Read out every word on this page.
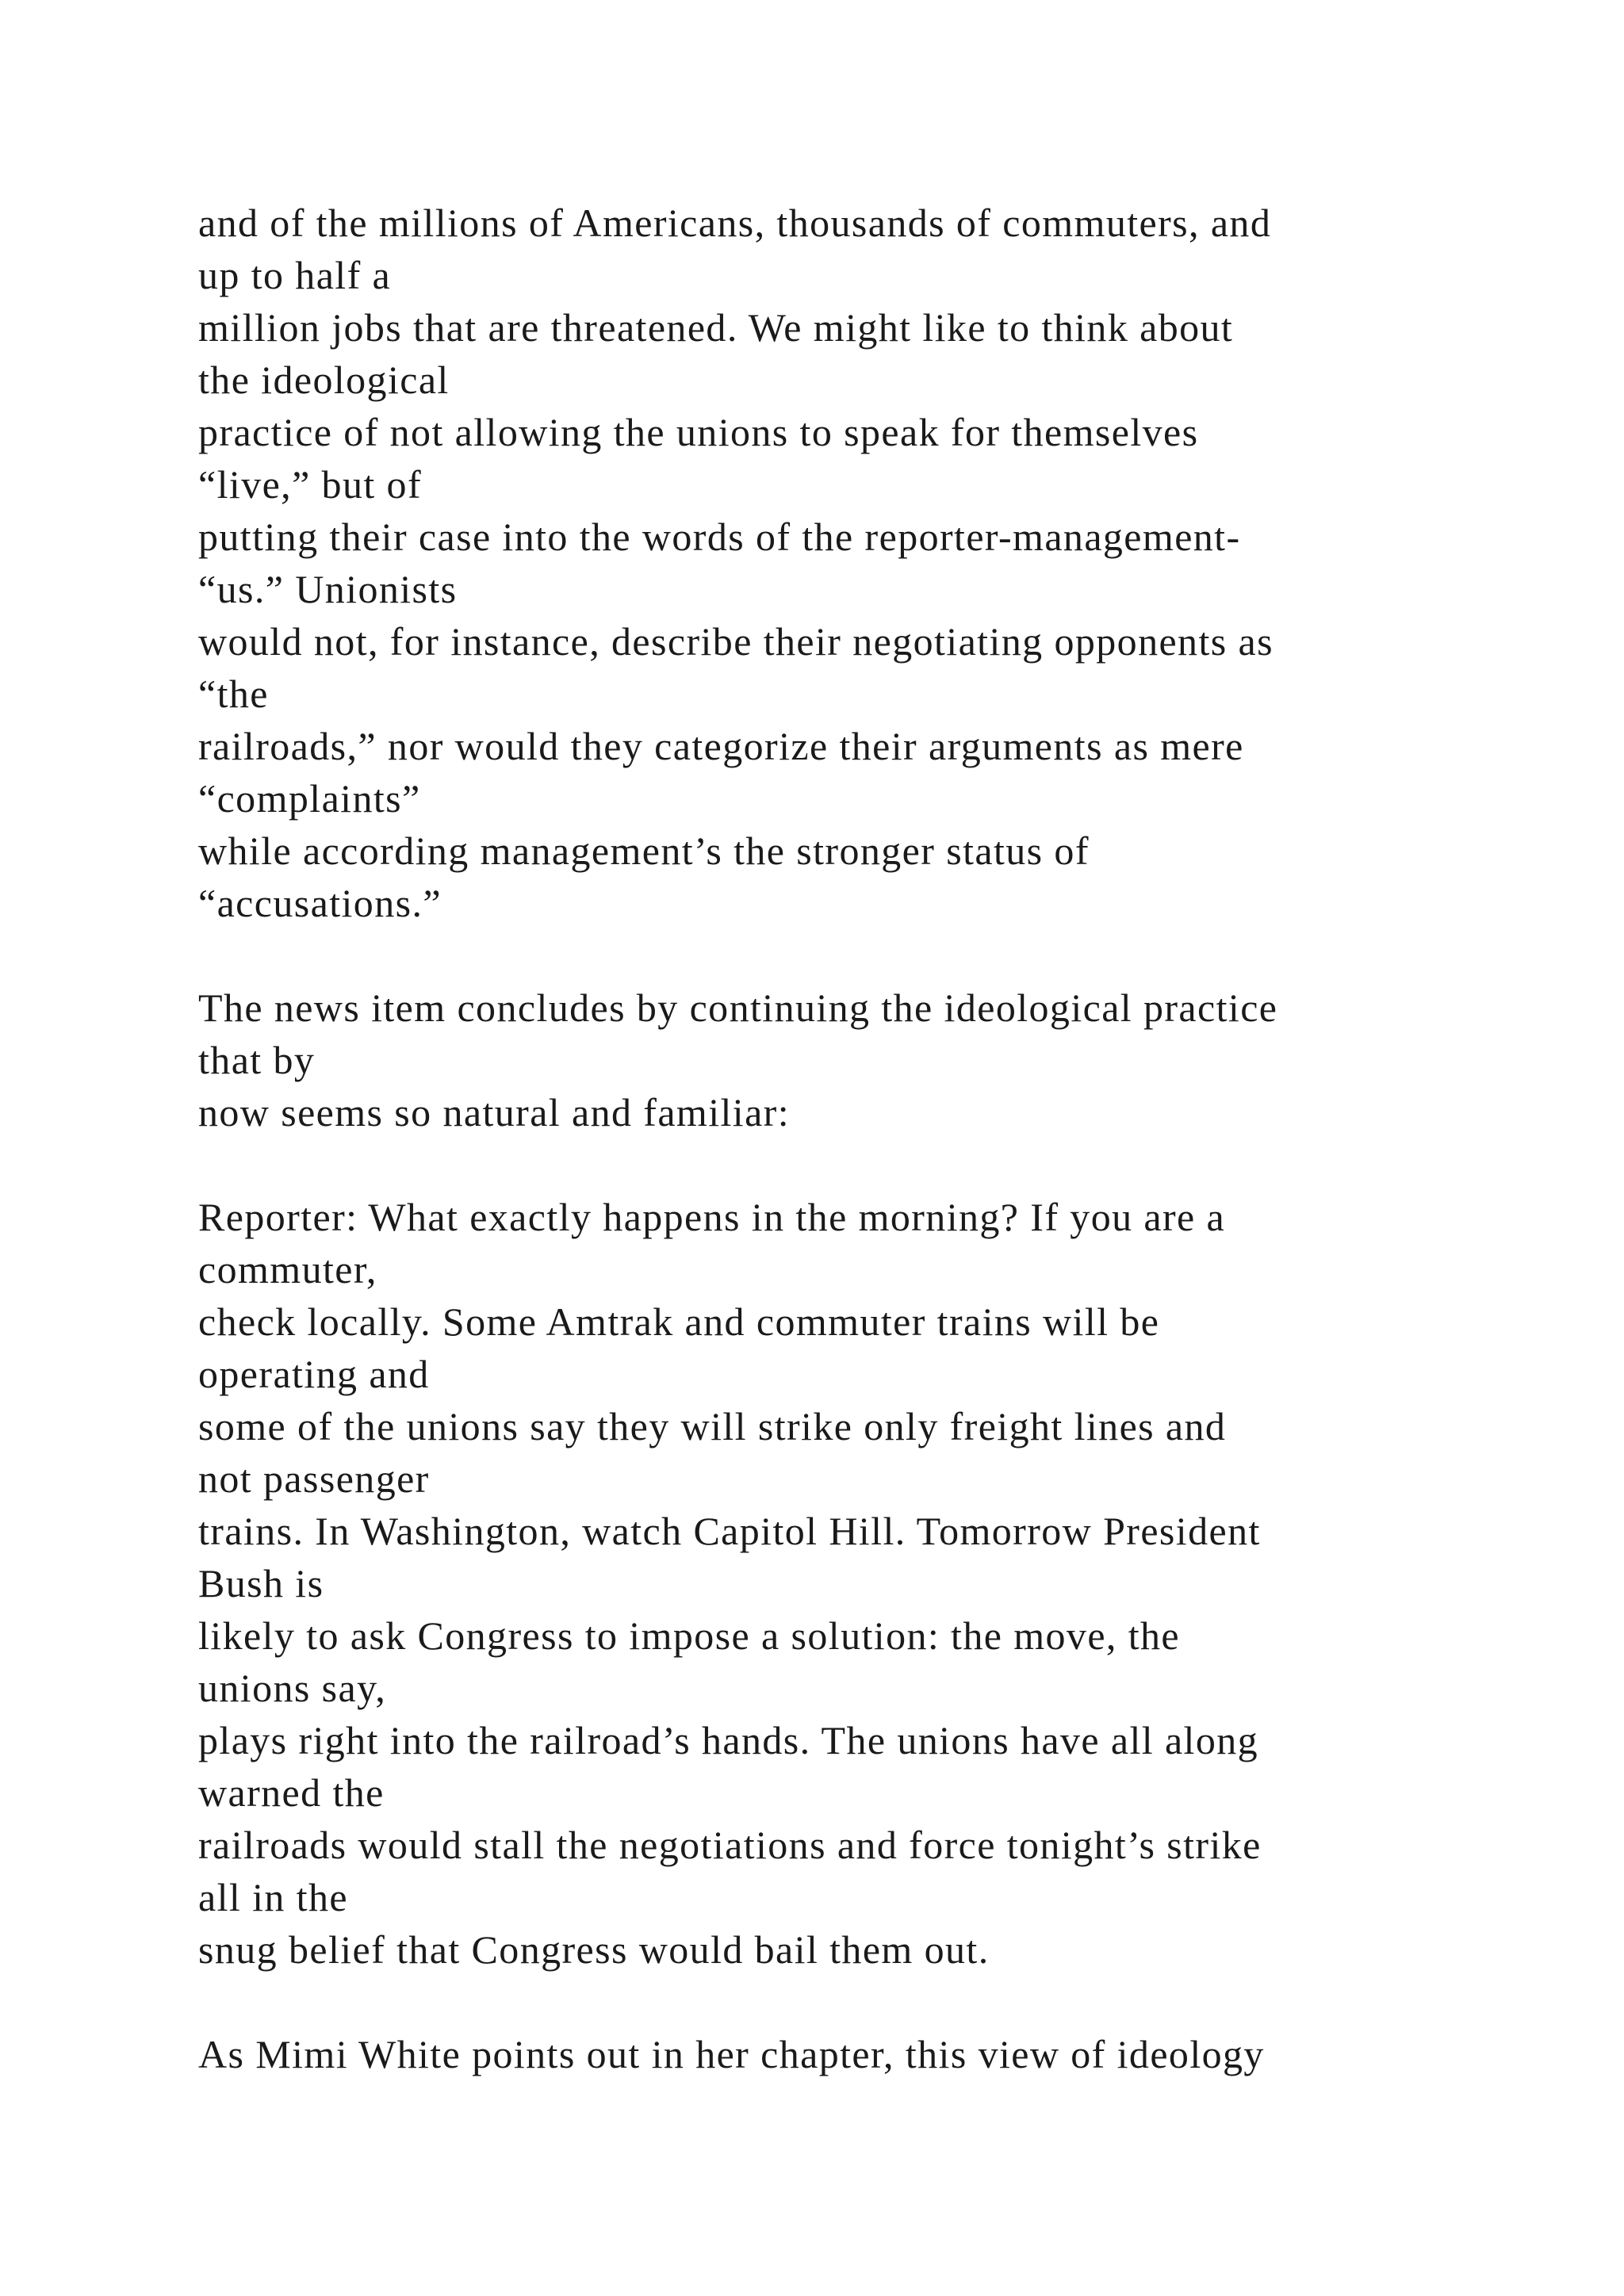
and of the millions of Americans, thousands of commuters, and
up to half a
million jobs that are threatened. We might like to think about
the ideological
practice of not allowing the unions to speak for themselves
“live,” but of
putting their case into the words of the reporter-management-
“us.” Unionists
would not, for instance, describe their negotiating opponents as
“the
railroads,” nor would they categorize their arguments as mere
“complaints”
while according management’s the stronger status of
“accusations.”
The news item concludes by continuing the ideological practice
that by
now seems so natural and familiar:
Reporter: What exactly happens in the morning? If you are a
commuter,
check locally. Some Amtrak and commuter trains will be
operating and
some of the unions say they will strike only freight lines and
not passenger
trains. In Washington, watch Capitol Hill. Tomorrow President
Bush is
likely to ask Congress to impose a solution: the move, the
unions say,
plays right into the railroad’s hands. The unions have all along
warned the
railroads would stall the negotiations and force tonight’s strike
all in the
snug belief that Congress would bail them out.
As Mimi White points out in her chapter, this view of ideology
